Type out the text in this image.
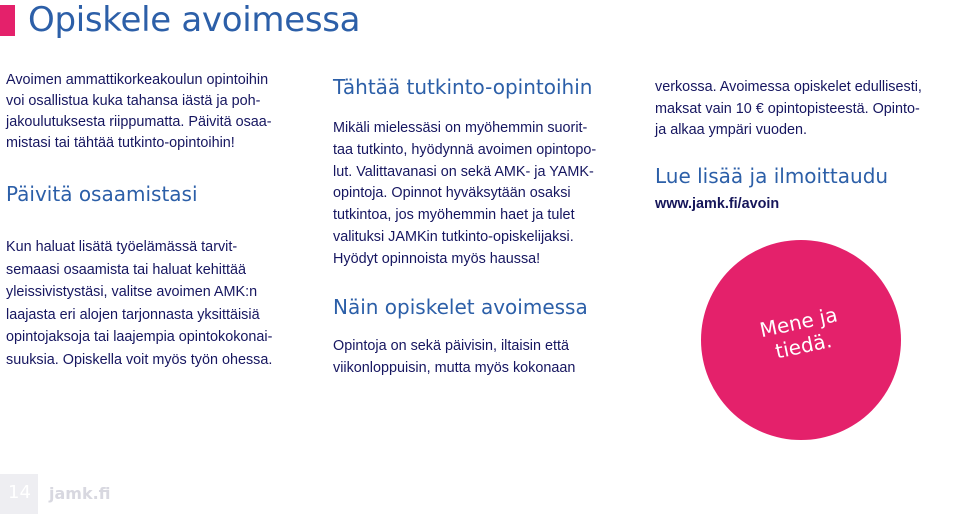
Opiskele avoimessa

Avoimen ammattikorkeakoulun opintoihin
voi osallistua kuka tahansa iästä ja poh-
jakoulutuksesta riippumatta. Päivitä osaa-
mistasi tai tähtää tutkinto-opintoihin!

Päivitä osaamistasi

Kun haluat lisätä työelämässä tarvit-
semaasi osaamista tai haluat kehittää
yleissivistystäsi, valitse avoimen AMK:n
laajasta eri alojen tarjonnasta yksittäisiä
opintojaksoja tai laajempia opintokokonai-
suuksia. Opiskella voit myös työn ohessa.

Tähtää tutkinto-opintoihin

Mikäli mielessäsi on myöhemmin suorit-
taa tutkinto, hyödynnä avoimen opintopo-
lut. Valittavanasi on sekä AMK- ja YAMK-
opintoja. Opinnot hyväksytään osaksi
tutkintoa, jos myöhemmin haet ja tulet
valituksi JAMKin tutkinto-opiskelijaksi.
Hyödyt opinnoista myös haussa!

Näin opiskelet avoimessa

Opintoja on sekä päivisin, iltaisin että
viikonloppuisin, mutta myös kokonaan

verkossa. Avoimessa opiskelet edullisesti,
maksat vain 10 € opintopisteestä. Opinto-
ja alkaa ympäri vuoden.

Lue lisää ja ilmoittaudu
www.jamk.fi/avoin
Mene ja
tiedä.
14 jamk.fi
